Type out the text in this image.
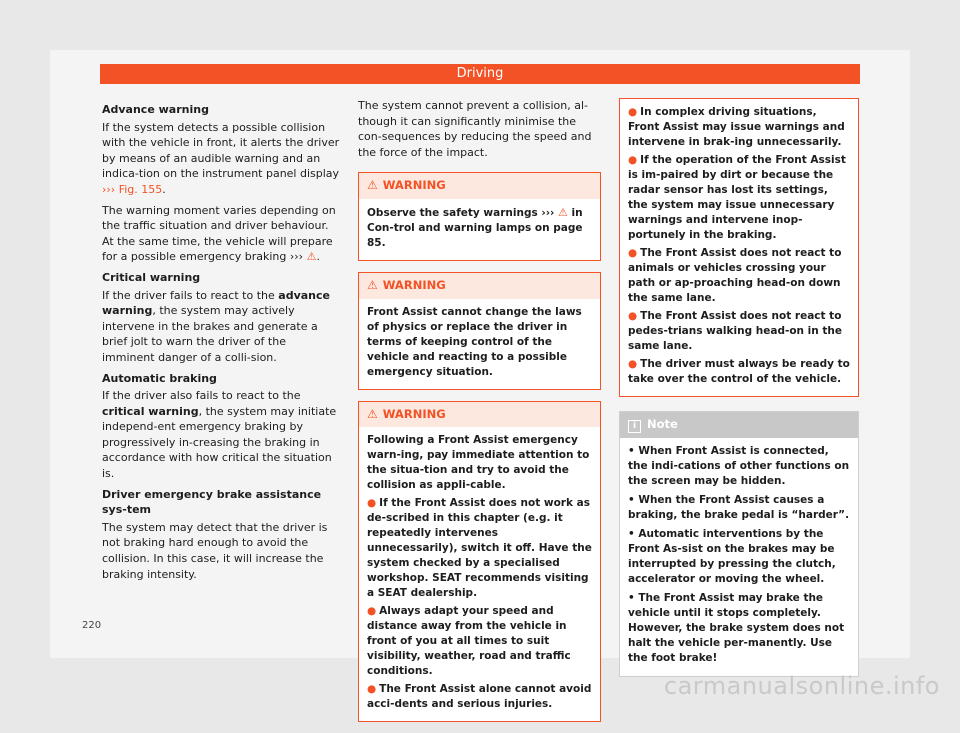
Driving
Advance warning

If the system detects a possible collision with the vehicle in front, it alerts the driver by means of an audible warning and an indica-tion on the instrument panel display ››› Fig. 155.

The warning moment varies depending on the traffic situation and driver behaviour. At the same time, the vehicle will prepare for a possible emergency braking ››› ⚠.

Critical warning

If the driver fails to react to the advance warning, the system may actively intervene in the brakes and generate a brief jolt to warn the driver of the imminent danger of a colli-sion.

Automatic braking

If the driver also fails to react to the critical warning, the system may initiate independ-ent emergency braking by progressively in-creasing the braking in accordance with how critical the situation is.

Driver emergency brake assistance sys-tem

The system may detect that the driver is not braking hard enough to avoid the collision. In this case, it will increase the braking intensity.

The system cannot prevent a collision, al-though it can significantly minimise the con-sequences by reducing the speed and the force of the impact.

⚠ WARNING

Observe the safety warnings ››› ⚠ in Con-trol and warning lamps on page 85.

⚠ WARNING

Front Assist cannot change the laws of physics or replace the driver in terms of keeping control of the vehicle and reacting to a possible emergency situation.

⚠ WARNING

Following a Front Assist emergency warn-ing, pay immediate attention to the situa-tion and try to avoid the collision as appli-cable.

● If the Front Assist does not work as de-scribed in this chapter (e.g. it repeatedly intervenes unnecessarily), switch it off. Have the system checked by a specialised workshop. SEAT recommends visiting a SEAT dealership.

● Always adapt your speed and distance away from the vehicle in front of you at all times to suit visibility, weather, road and traffic conditions.

● The Front Assist alone cannot avoid acci-dents and serious injuries.

● In complex driving situations, Front Assist may issue warnings and intervene in brak-ing unnecessarily.

● If the operation of the Front Assist is im-paired by dirt or because the radar sensor has lost its settings, the system may issue unnecessary warnings and intervene inop-portunely in the braking.

● The Front Assist does not react to animals or vehicles crossing your path or ap-proaching head-on down the same lane.

● The Front Assist does not react to pedes-trians walking head-on in the same lane.

● The driver must always be ready to take over the control of the vehicle.

i Note

• When Front Assist is connected, the indi-cations of other functions on the screen may be hidden.

• When the Front Assist causes a braking, the brake pedal is “harder”.

• Automatic interventions by the Front As-sist on the brakes may be interrupted by pressing the clutch, accelerator or moving the wheel.

• The Front Assist may brake the vehicle until it stops completely. However, the brake system does not halt the vehicle per-manently. Use the foot brake!

220
carmanualsonline.info
